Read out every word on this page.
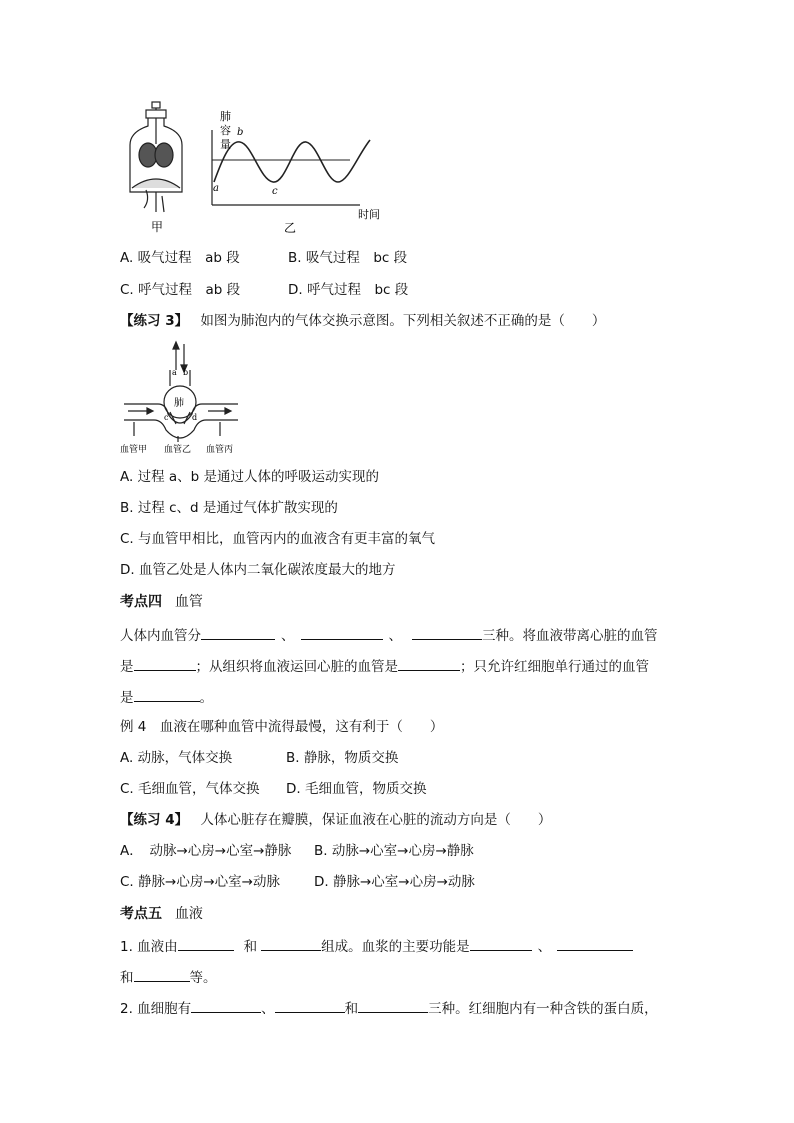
甲
肺
容
量
a
b
c
时间
乙
A. 吸气过程　ab 段	B. 吸气过程　bc 段
C. 呼气过程　ab 段	D. 呼气过程　bc 段
【练习 3】 如图为肺泡内的气体交换示意图。下列相关叙述不正确的是（　　）
a b
肺
c	d
血管甲 血管乙 血管丙
A. 过程 a、b 是通过人体的呼吸运动实现的
B. 过程 c、d 是通过气体扩散实现的
C. 与血管甲相比，血管丙内的血液含有更丰富的氧气
D. 血管乙处是人体内二氧化碳浓度最大的地方
考点四 血管
人体内血管分	、	、	三种。将血液带离心脏的血管
是	；从组织将血液运回心脏的血管是	；只允许红细胞单行通过的血管
是	。
例 4　血液在哪种血管中流得最慢，这有利于（　　）
A. 动脉，气体交换	B. 静脉，物质交换
C. 毛细血管，气体交换 D. 毛细血管，物质交换
【练习 4】 人体心脏存在瓣膜，保证血液在心脏的流动方向是（　　）
A．　动脉→心房→心室→静脉 B. 动脉→心室→心房→静脉
C. 静脉→心房→心室→动脉	D. 静脉→心室→心房→动脉
考点五 血液
1. 血液由	和	组成。血浆的主要功能是	、
和	等。
2. 血细胞有	、	和	三种。红细胞内有一种含铁的蛋白质，
